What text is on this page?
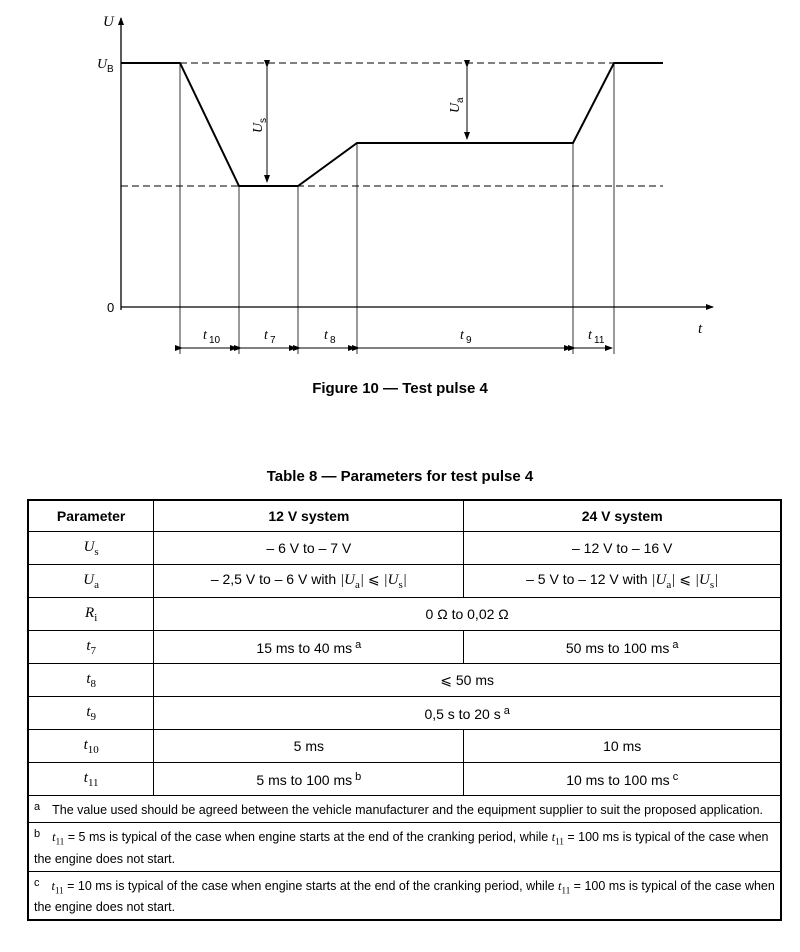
U
t
0
U B
U
s
U
a
t 10	t 7	t 8	t 9	t 11
Figure 10 — Test pulse 4
Table 8 — Parameters for test pulse 4
Parameter	12 V system	24 V system
$U_s$	– 6 V to – 7 V	– 12 V to – 16 V
$U_a$	– 2,5 V to – 6 V with $|U_a|$ ⩽ $|U_s|$	– 5 V to – 12 V with $|U_a|$ ⩽ $|U_s|$
$R_i$	0 Ω to 0,02 Ω	
$t_7$	15 ms to 40 ms $^a$	50 ms to 100 ms $^a$
$t_8$	⩽ 50 ms	
$t_9$	0,5 s to 20 s $^a$
$t_{10}$	5 ms	10 ms
$t_{11}$	5 ms to 100 ms $^b$	10 ms to 100 ms $^c$
a The value used should be agreed between the vehicle manufacturer and the equipment supplier to suit the proposed application.		
b $t_{11} = 5$ ms is typical of the case when engine starts at the end of the cranking period, while $t_{11} = 100$ ms is typical of the case when the engine does not start.		
c $t_{11} = 10$ ms is typical of the case when engine starts at the end of the cranking period, while $t_{11} = 100$ ms is typical of the case when the engine does not start.		
